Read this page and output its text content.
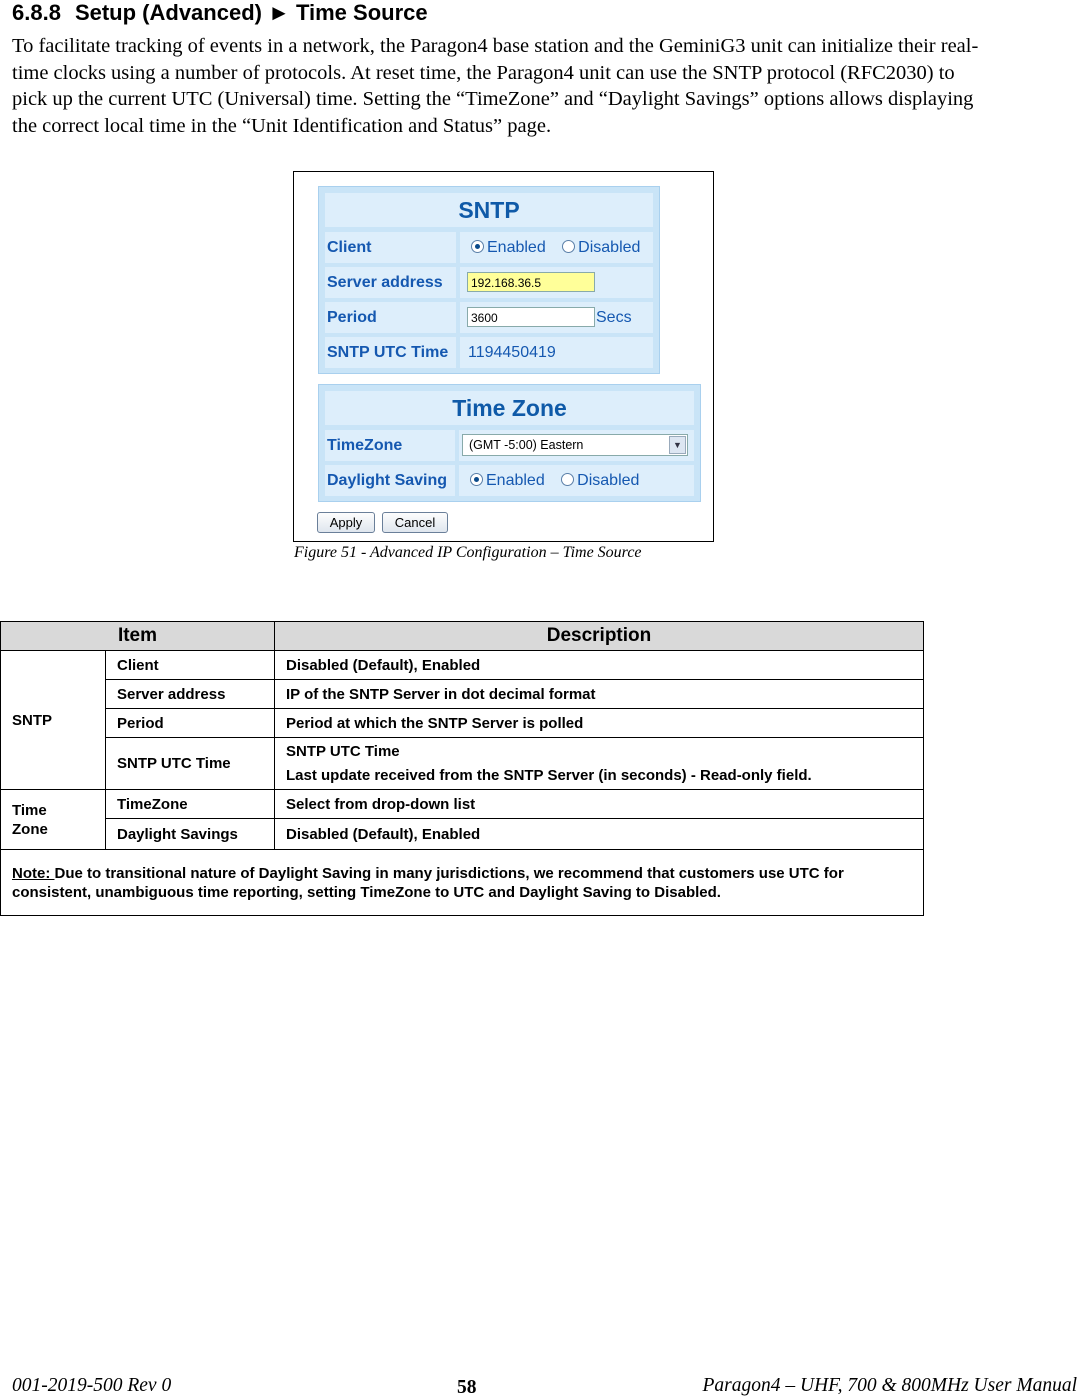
6.8.8 Setup (Advanced) ► Time Source

To facilitate tracking of events in a network, the Paragon4 base station and the GeminiG3 unit can initialize their real-time clocks using a number of protocols. At reset time, the Paragon4 unit can use the SNTP protocol (RFC2030) to pick up the current UTC (Universal) time. Setting the “TimeZone” and “Daylight Savings” options allows displaying the correct local time in the “Unit Identification and Status” page.

SNTP
Client	Enabled Disabled
Server address	192.168.36.5
Period	3600	Secs
SNTP UTC Time	1194450419
Time Zone
TimeZone	(GMT -5:00) Eastern	▼
Daylight Saving	Enabled Disabled
Apply	Cancel
Figure 51 - Advanced IP Configuration – Time Source
Item		Description
SNTP	Client	Disabled (Default), Enabled
	Server address	IP of the SNTP Server in dot decimal format
	Period	Period at which the SNTP Server is polled
	SNTP UTC Time	SNTP UTC Time
Last update received from the SNTP Server (in seconds) - Read-only field.

Time
Zone	TimeZone	Select from drop-down list
	Daylight Savings	Disabled (Default), Enabled
Note: Due to transitional nature of Daylight Saving in many jurisdictions, we recommend that customers use UTC for consistent, unambiguous time reporting, setting TimeZone to UTC and Daylight Saving to Disabled.		
001-2019-500 Rev 0	58	Paragon4 – UHF, 700 & 800MHz User Manual
